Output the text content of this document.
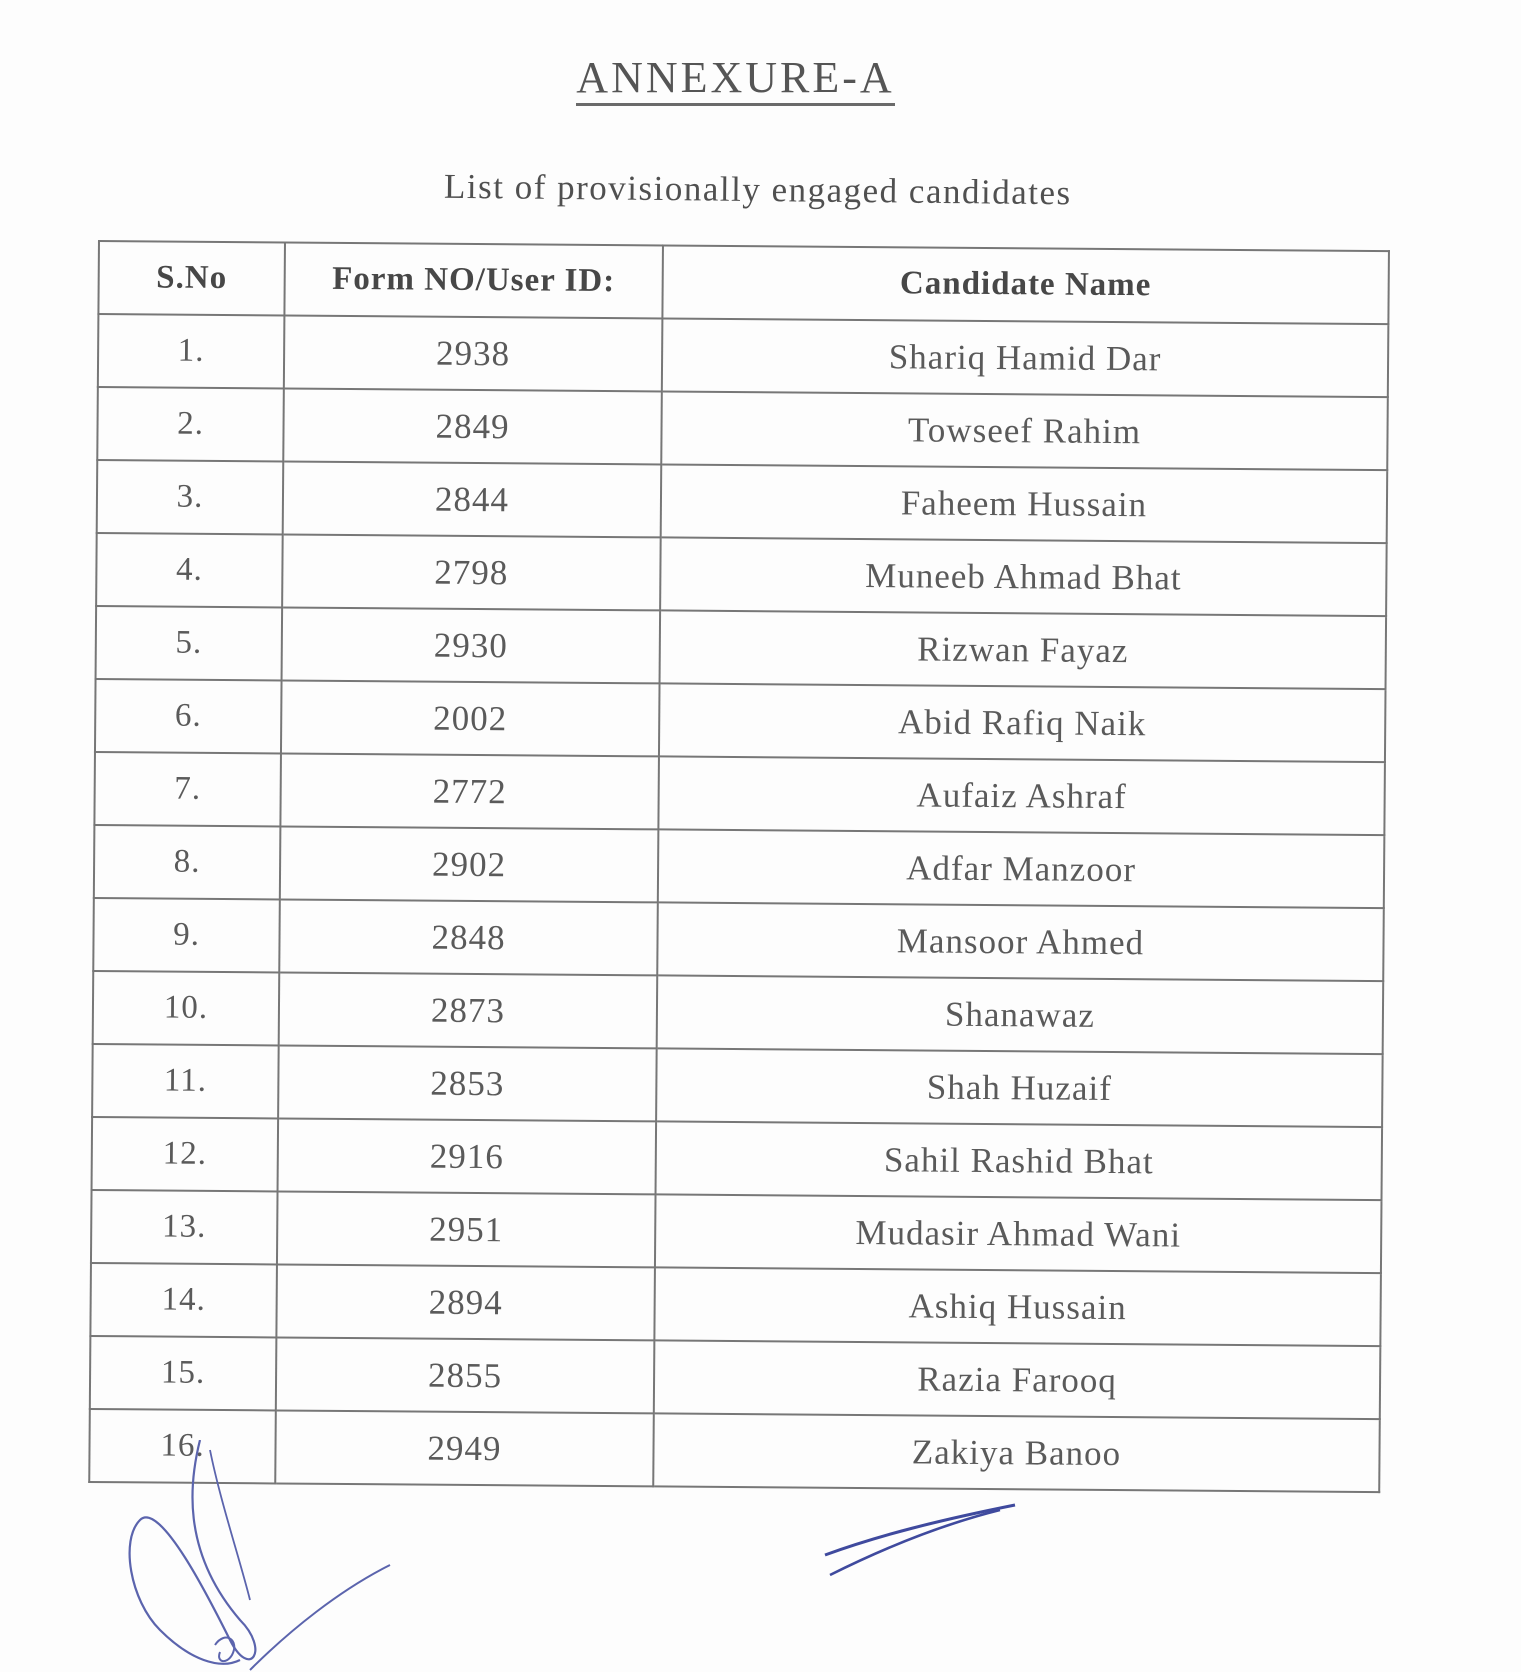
ANNEXURE-A
List of provisionally engaged candidates
S.No	Form NO/User ID:	Candidate Name
1.	2938	Shariq Hamid Dar
2.	2849	Towseef Rahim
3.	2844	Faheem Hussain
4.	2798	Muneeb Ahmad Bhat
5.	2930	Rizwan Fayaz
6.	2002	Abid Rafiq Naik
7.	2772	Aufaiz Ashraf
8.	2902	Adfar Manzoor
9.	2848	Mansoor Ahmed
10.	2873	Shanawaz
11.	2853	Shah Huzaif
12.	2916	Sahil Rashid Bhat
13.	2951	Mudasir Ahmad Wani
14.	2894	Ashiq Hussain
15.	2855	Razia Farooq
16.	2949	Zakiya Banoo
